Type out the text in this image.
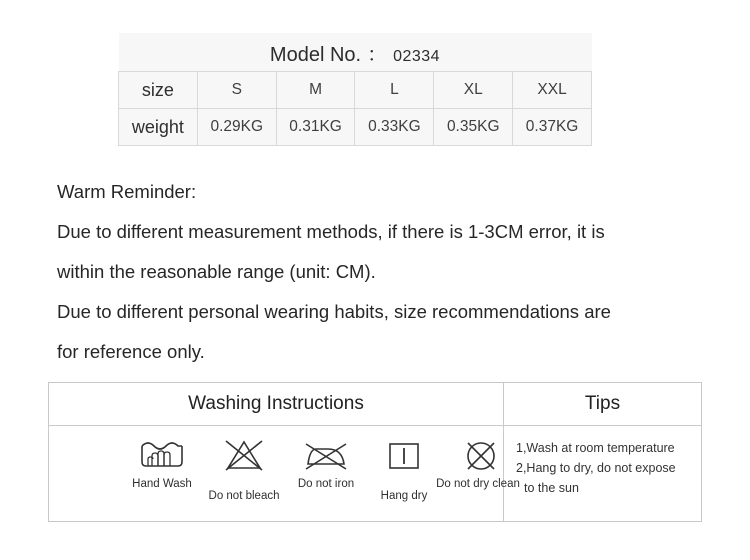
Model No. ： 02334					

size	S	M	L	XL	XXL
weight	0.29KG	0.31KG	0.33KG	0.35KG	0.37KG

Warm Reminder:

Due to different measurement methods, if there is 1-3CM error, it is

within the reasonable range (unit: CM).

Due to different personal wearing habits, size recommendations are

for reference only.

Washing Instructions	Tips
Hand Wash
Do not bleach
Do not iron
Hang dry
Do not dry clean
1,Wash at room temperature
2,Hang to dry, do not expose
to the sun
